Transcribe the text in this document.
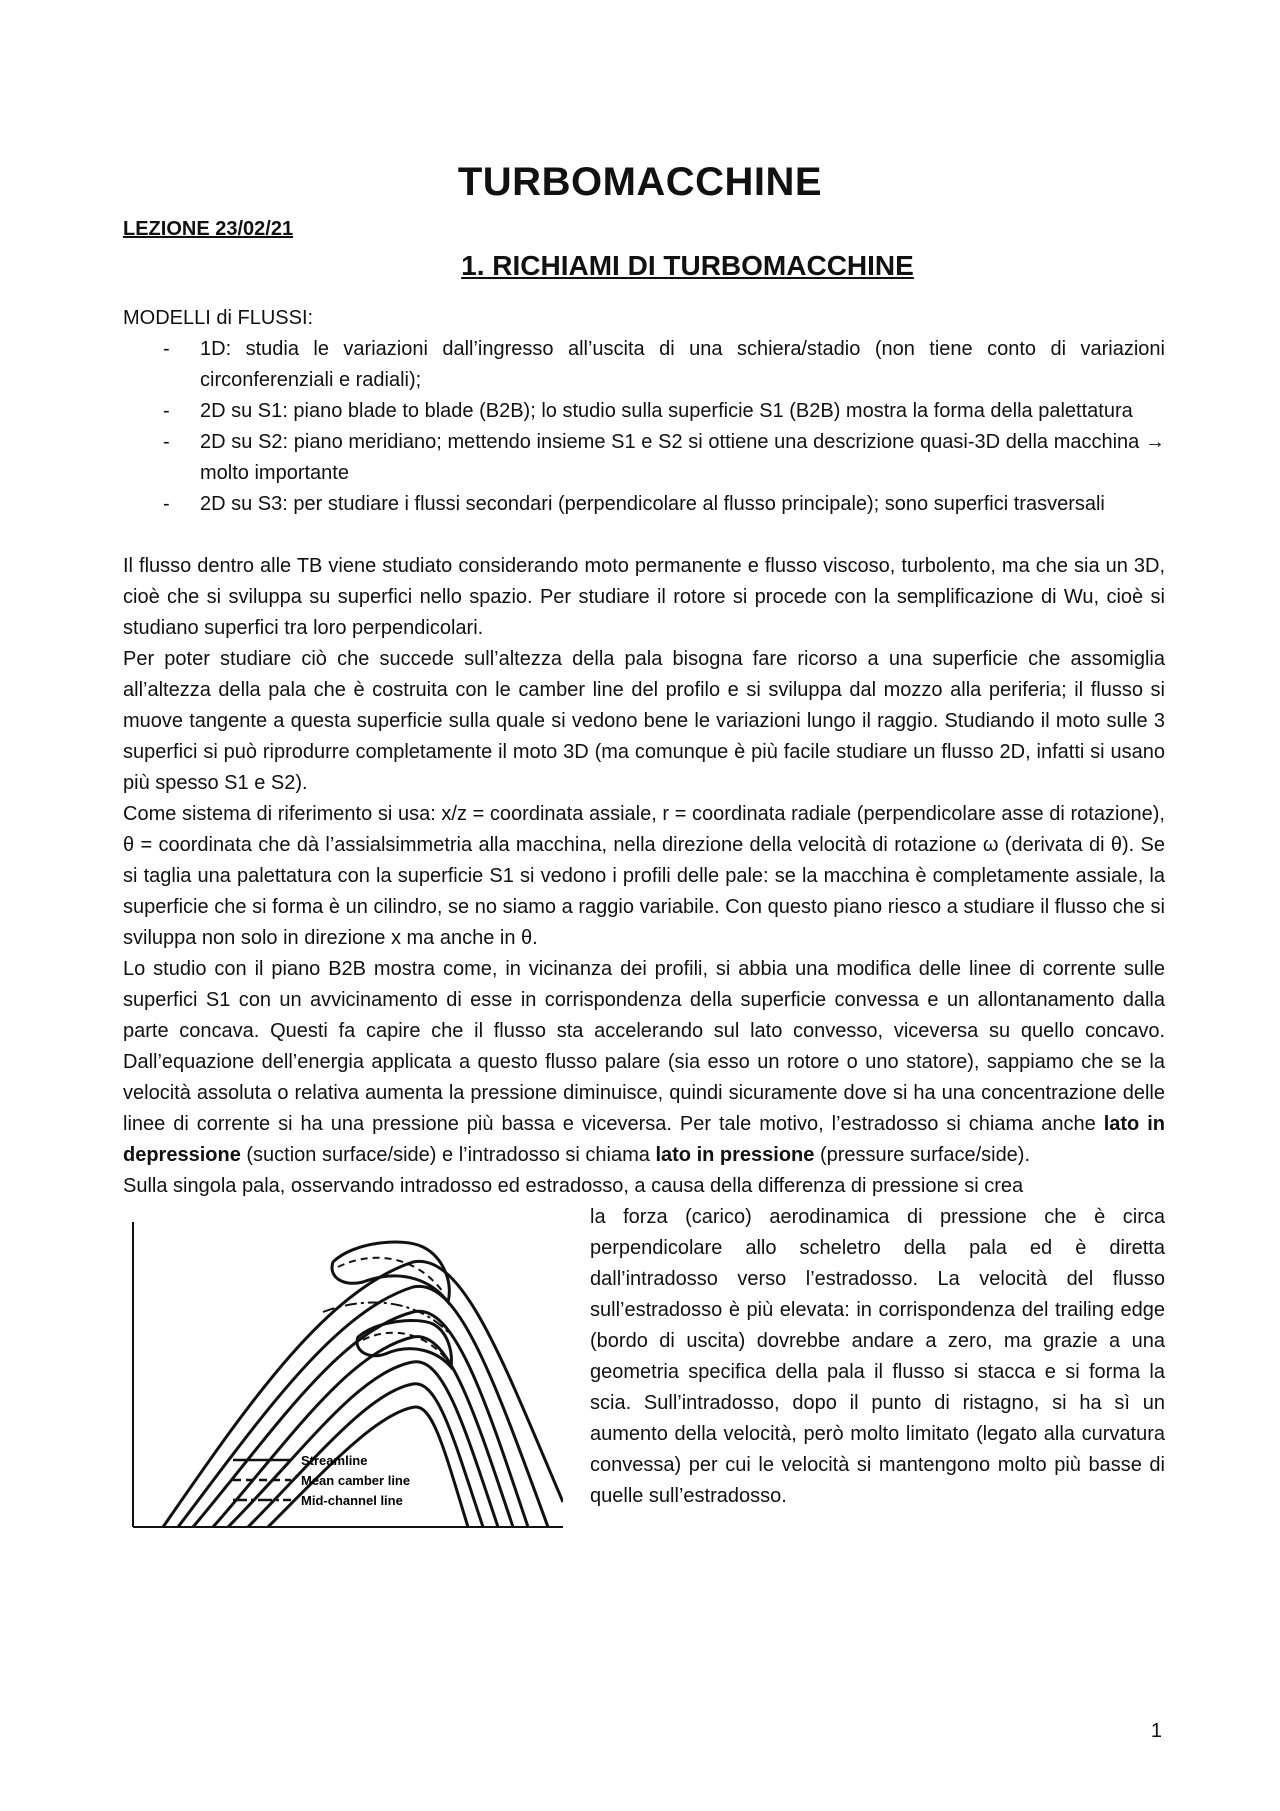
TURBOMACCHINE
LEZIONE 23/02/21
1. RICHIAMI DI TURBOMACCHINE
MODELLI di FLUSSI:
- 1D: studia le variazioni dall’ingresso all’uscita di una schiera/stadio (non tiene conto di variazioni circonferenziali e radiali);
- 2D su S1: piano blade to blade (B2B); lo studio sulla superficie S1 (B2B) mostra la forma della palettatura
- 2D su S2: piano meridiano; mettendo insieme S1 e S2 si ottiene una descrizione quasi-3D della macchina → molto importante
- 2D su S3: per studiare i flussi secondari (perpendicolare al flusso principale); sono superfici trasversali

Il flusso dentro alle TB viene studiato considerando moto permanente e flusso viscoso, turbolento, ma che sia un 3D, cioè che si sviluppa su superfici nello spazio. Per studiare il rotore si procede con la semplificazione di Wu, cioè si studiano superfici tra loro perpendicolari.

Per poter studiare ciò che succede sull’altezza della pala bisogna fare ricorso a una superficie che assomiglia all’altezza della pala che è costruita con le camber line del profilo e si sviluppa dal mozzo alla periferia; il flusso si muove tangente a questa superficie sulla quale si vedono bene le variazioni lungo il raggio. Studiando il moto sulle 3 superfici si può riprodurre completamente il moto 3D (ma comunque è più facile studiare un flusso 2D, infatti si usano più spesso S1 e S2).

Come sistema di riferimento si usa: x/z = coordinata assiale, r = coordinata radiale (perpendicolare asse di rotazione), θ = coordinata che dà l’assialsimmetria alla macchina, nella direzione della velocità di rotazione ω (derivata di θ). Se si taglia una palettatura con la superficie S1 si vedono i profili delle pale: se la macchina è completamente assiale, la superficie che si forma è un cilindro, se no siamo a raggio variabile. Con questo piano riesco a studiare il flusso che si sviluppa non solo in direzione x ma anche in θ.

Lo studio con il piano B2B mostra come, in vicinanza dei profili, si abbia una modifica delle linee di corrente sulle superfici S1 con un avvicinamento di esse in corrispondenza della superficie convessa e un allontanamento dalla parte concava. Questi fa capire che il flusso sta accelerando sul lato convesso, viceversa su quello concavo. Dall’equazione dell’energia applicata a questo flusso palare (sia esso un rotore o uno statore), sappiamo che se la velocità assoluta o relativa aumenta la pressione diminuisce, quindi sicuramente dove si ha una concentrazione delle linee di corrente si ha una pressione più bassa e viceversa. Per tale motivo, l’estradosso si chiama anche lato in depressione (suction surface/side) e l’intradosso si chiama lato in pressione (pressure surface/side).

Sulla singola pala, osservando intradosso ed estradosso, a causa della differenza di pressione si crea

Streamline
Mean camber line
Mid-channel line

la forza (carico) aerodinamica di pressione che è circa perpendicolare allo scheletro della pala ed è diretta dall’intradosso verso l’estradosso. La velocità del flusso sull’estradosso è più elevata: in corrispondenza del trailing edge (bordo di uscita) dovrebbe andare a zero, ma grazie a una geometria specifica della pala il flusso si stacca e si forma la scia. Sull’intradosso, dopo il punto di ristagno, si ha sì un aumento della velocità, però molto limitato (legato alla curvatura convessa) per cui le velocità si mantengono molto più basse di quelle sull’estradosso.

1
